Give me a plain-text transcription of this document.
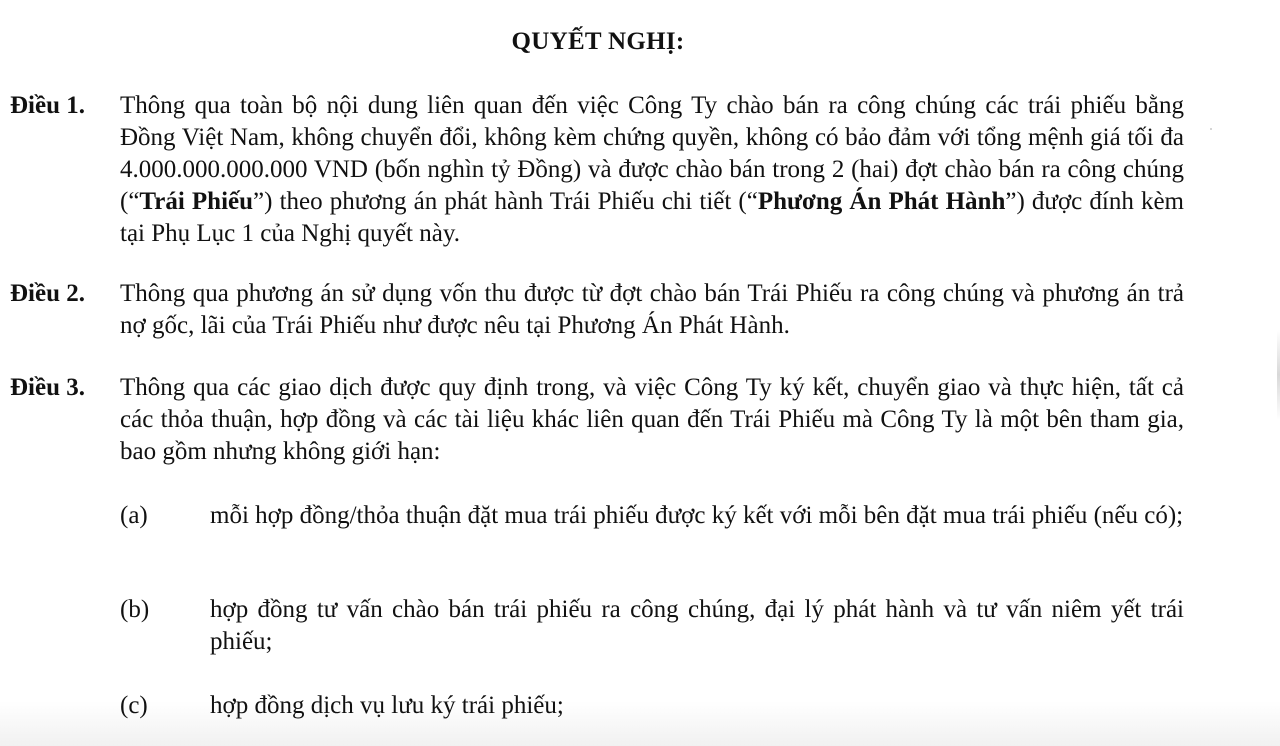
QUYẾT NGHỊ:
Điều 1. Thông qua toàn bộ nội dung liên quan đến việc Công Ty chào bán ra công chúng các trái phiếu bằng Đồng Việt Nam, không chuyển đổi, không kèm chứng quyền, không có bảo đảm với tổng mệnh giá tối đa 4.000.000.000.000 VND (bốn nghìn tỷ Đồng) và được chào bán trong 2 (hai) đợt chào bán ra công chúng (“Trái Phiếu”) theo phương án phát hành Trái Phiếu chi tiết (“Phương Án Phát Hành”) được đính kèm tại Phụ Lục 1 của Nghị quyết này.
Điều 2. Thông qua phương án sử dụng vốn thu được từ đợt chào bán Trái Phiếu ra công chúng và phương án trả nợ gốc, lãi của Trái Phiếu như được nêu tại Phương Án Phát Hành.
Điều 3. Thông qua các giao dịch được quy định trong, và việc Công Ty ký kết, chuyển giao và thực hiện, tất cả các thỏa thuận, hợp đồng và các tài liệu khác liên quan đến Trái Phiếu mà Công Ty là một bên tham gia, bao gồm nhưng không giới hạn:
(a) mỗi hợp đồng/thỏa thuận đặt mua trái phiếu được ký kết với mỗi bên đặt mua trái phiếu (nếu có);
(b) hợp đồng tư vấn chào bán trái phiếu ra công chúng, đại lý phát hành và tư vấn niêm yết trái phiếu;
(c) hợp đồng dịch vụ lưu ký trái phiếu;
